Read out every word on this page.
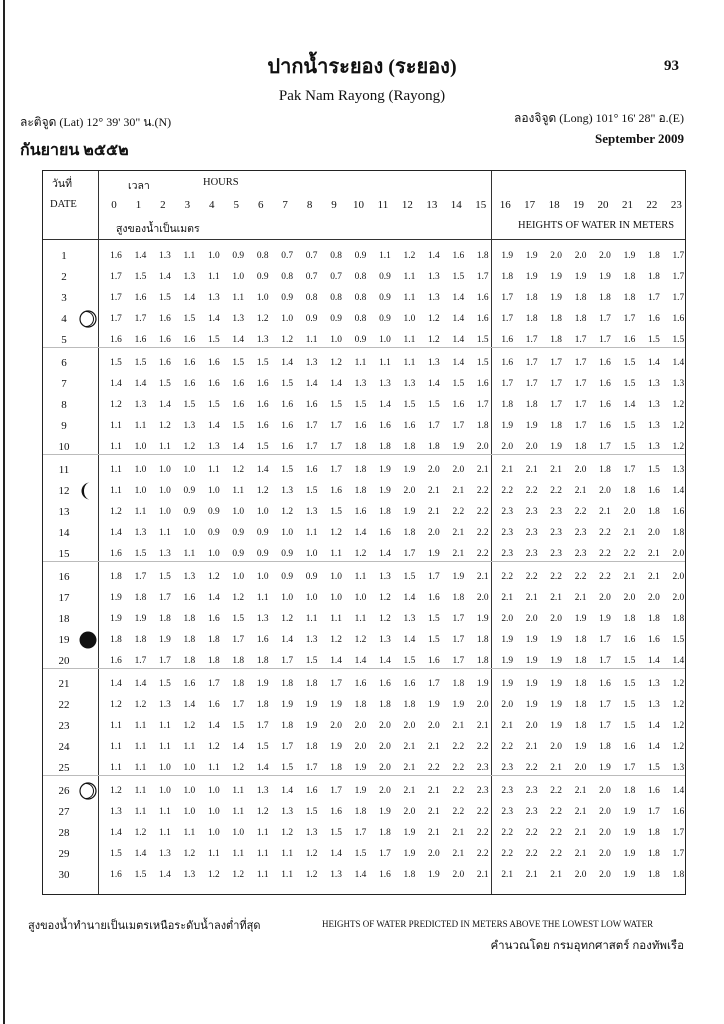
ปากน้ำระยอง (ระยอง)	93
Pak Nam Rayong (Rayong)
ละติจูด (Lat) 12° 39' 30" น.(N)	ลองจิจูด (Long) 101° 16' 28" อ.(E)
กันยายน ๒๕๕๒
September 2009
วันที่
DATE
เวลา	HOURS
สูงของน้ำเป็นเมตร	HEIGHTS OF WATER IN METERS
0	1	2	3	4	5	6	7	8	9	10	11	12	13	14	15	16	17	18	19	20	21	22	23
1	1.6	1.4	1.3	1.1	1.0	0.9	0.8	0.7	0.7	0.8	0.9	1.1	1.2	1.4	1.6	1.8	1.9	1.9	2.0	2.0	2.0	1.9	1.8	1.7
2	1.7	1.5	1.4	1.3	1.1	1.0	0.9	0.8	0.7	0.7	0.8	0.9	1.1	1.3	1.5	1.7	1.8	1.9	1.9	1.9	1.9	1.8	1.8	1.7
3	1.7	1.6	1.5	1.4	1.3	1.1	1.0	0.9	0.8	0.8	0.8	0.9	1.1	1.3	1.4	1.6	1.7	1.8	1.9	1.8	1.8	1.8	1.7	1.7
4	1.7	1.7	1.6	1.5	1.4	1.3	1.2	1.0	0.9	0.9	0.8	0.9	1.0	1.2	1.4	1.6	1.7	1.8	1.8	1.8	1.7	1.7	1.6	1.6
5	1.6	1.6	1.6	1.6	1.5	1.4	1.3	1.2	1.1	1.0	0.9	1.0	1.1	1.2	1.4	1.5	1.6	1.7	1.8	1.7	1.7	1.6	1.5	1.5
6	1.5	1.5	1.6	1.6	1.6	1.5	1.5	1.4	1.3	1.2	1.1	1.1	1.1	1.3	1.4	1.5	1.6	1.7	1.7	1.7	1.6	1.5	1.4	1.4
7	1.4	1.4	1.5	1.6	1.6	1.6	1.6	1.5	1.4	1.4	1.3	1.3	1.3	1.4	1.5	1.6	1.7	1.7	1.7	1.7	1.6	1.5	1.3	1.3
8	1.2	1.3	1.4	1.5	1.5	1.6	1.6	1.6	1.6	1.5	1.5	1.4	1.5	1.5	1.6	1.7	1.8	1.8	1.7	1.7	1.6	1.4	1.3	1.2
9	1.1	1.1	1.2	1.3	1.4	1.5	1.6	1.6	1.7	1.7	1.6	1.6	1.6	1.7	1.7	1.8	1.9	1.9	1.8	1.7	1.6	1.5	1.3	1.2
10	1.1	1.0	1.1	1.2	1.3	1.4	1.5	1.6	1.7	1.7	1.8	1.8	1.8	1.8	1.9	2.0	2.0	2.0	1.9	1.8	1.7	1.5	1.3	1.2
11	1.1	1.0	1.0	1.0	1.1	1.2	1.4	1.5	1.6	1.7	1.8	1.9	1.9	2.0	2.0	2.1	2.1	2.1	2.1	2.0	1.8	1.7	1.5	1.3
12	1.1	1.0	1.0	0.9	1.0	1.1	1.2	1.3	1.5	1.6	1.8	1.9	2.0	2.1	2.1	2.2	2.2	2.2	2.2	2.1	2.0	1.8	1.6	1.4
13	1.2	1.1	1.0	0.9	0.9	1.0	1.0	1.2	1.3	1.5	1.6	1.8	1.9	2.1	2.2	2.2	2.3	2.3	2.3	2.2	2.1	2.0	1.8	1.6
14	1.4	1.3	1.1	1.0	0.9	0.9	0.9	1.0	1.1	1.2	1.4	1.6	1.8	2.0	2.1	2.2	2.3	2.3	2.3	2.3	2.2	2.1	2.0	1.8
15	1.6	1.5	1.3	1.1	1.0	0.9	0.9	0.9	1.0	1.1	1.2	1.4	1.7	1.9	2.1	2.2	2.3	2.3	2.3	2.3	2.2	2.2	2.1	2.0
16	1.8	1.7	1.5	1.3	1.2	1.0	1.0	0.9	0.9	1.0	1.1	1.3	1.5	1.7	1.9	2.1	2.2	2.2	2.2	2.2	2.2	2.1	2.1	2.0
17	1.9	1.8	1.7	1.6	1.4	1.2	1.1	1.0	1.0	1.0	1.0	1.2	1.4	1.6	1.8	2.0	2.1	2.1	2.1	2.1	2.0	2.0	2.0	2.0
18	1.9	1.9	1.8	1.8	1.6	1.5	1.3	1.2	1.1	1.1	1.1	1.2	1.3	1.5	1.7	1.9	2.0	2.0	2.0	1.9	1.9	1.8	1.8	1.8
19	1.8	1.8	1.9	1.8	1.8	1.7	1.6	1.4	1.3	1.2	1.2	1.3	1.4	1.5	1.7	1.8	1.9	1.9	1.9	1.8	1.7	1.6	1.6	1.5
20	1.6	1.7	1.7	1.8	1.8	1.8	1.8	1.7	1.5	1.4	1.4	1.4	1.5	1.6	1.7	1.8	1.9	1.9	1.9	1.8	1.7	1.5	1.4	1.4
21	1.4	1.4	1.5	1.6	1.7	1.8	1.9	1.8	1.8	1.7	1.6	1.6	1.6	1.7	1.8	1.9	1.9	1.9	1.9	1.8	1.6	1.5	1.3	1.2
22	1.2	1.2	1.3	1.4	1.6	1.7	1.8	1.9	1.9	1.9	1.8	1.8	1.8	1.9	1.9	2.0	2.0	1.9	1.9	1.8	1.7	1.5	1.3	1.2
23	1.1	1.1	1.1	1.2	1.4	1.5	1.7	1.8	1.9	2.0	2.0	2.0	2.0	2.0	2.1	2.1	2.1	2.0	1.9	1.8	1.7	1.5	1.4	1.2
24	1.1	1.1	1.1	1.1	1.2	1.4	1.5	1.7	1.8	1.9	2.0	2.0	2.1	2.1	2.2	2.2	2.2	2.1	2.0	1.9	1.8	1.6	1.4	1.2
25	1.1	1.1	1.0	1.0	1.1	1.2	1.4	1.5	1.7	1.8	1.9	2.0	2.1	2.2	2.2	2.3	2.3	2.2	2.1	2.0	1.9	1.7	1.5	1.3
26	1.2	1.1	1.0	1.0	1.0	1.1	1.3	1.4	1.6	1.7	1.9	2.0	2.1	2.1	2.2	2.3	2.3	2.3	2.2	2.1	2.0	1.8	1.6	1.4
27	1.3	1.1	1.1	1.0	1.0	1.1	1.2	1.3	1.5	1.6	1.8	1.9	2.0	2.1	2.2	2.2	2.3	2.3	2.2	2.1	2.0	1.9	1.7	1.6
28	1.4	1.2	1.1	1.1	1.0	1.0	1.1	1.2	1.3	1.5	1.7	1.8	1.9	2.1	2.1	2.2	2.2	2.2	2.2	2.1	2.0	1.9	1.8	1.7
29	1.5	1.4	1.3	1.2	1.1	1.1	1.1	1.1	1.2	1.4	1.5	1.7	1.9	2.0	2.1	2.2	2.2	2.2	2.2	2.1	2.0	1.9	1.8	1.7
30	1.6	1.5	1.4	1.3	1.2	1.2	1.1	1.1	1.2	1.3	1.4	1.6	1.8	1.9	2.0	2.1	2.1	2.1	2.1	2.0	2.0	1.9	1.8	1.8
สูงของน้ำทำนายเป็นเมตรเหนือระดับน้ำลงต่ำที่สุด	HEIGHTS OF WATER PREDICTED IN METERS ABOVE THE LOWEST LOW WATER
คำนวณโดย กรมอุทกศาสตร์ กองทัพเรือ
